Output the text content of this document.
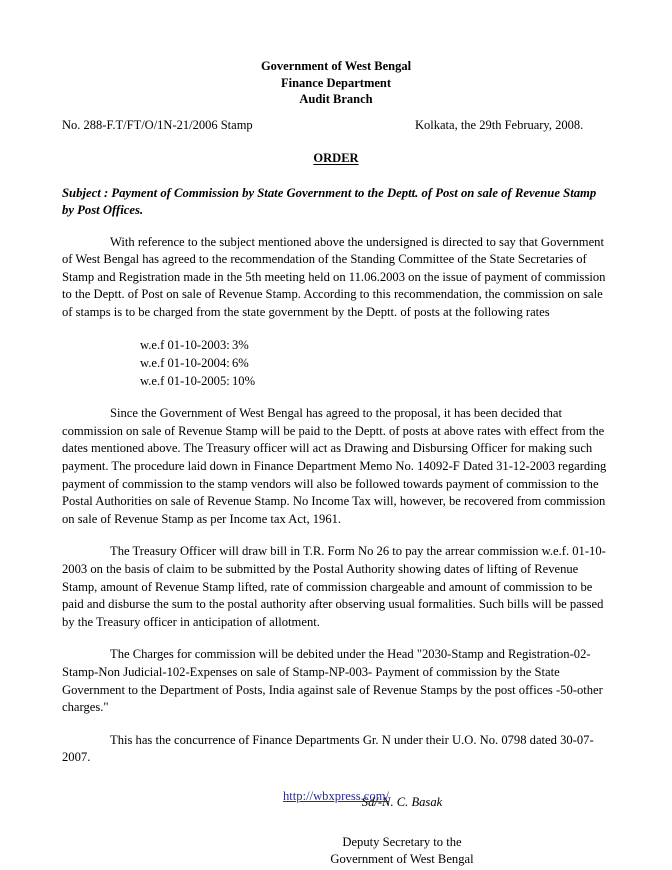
Government of West Bengal
Finance Department
Audit Branch
No. 288-F.T/FT/O/1N-21/2006 Stamp	Kolkata, the 29th February, 2008.
ORDER
Subject : Payment of Commission by State Government to the Deptt. of Post on sale of Revenue Stamp by Post Offices.
With reference to the subject mentioned above the undersigned is directed to say that Government of West Bengal has agreed to the recommendation of the Standing Committee of the State Secretaries of Stamp and Registration made in the 5th meeting held on 11.06.2003 on the issue of payment of commission to the Deptt. of Post on sale of Revenue Stamp. According to this recommendation, the commission on sale of stamps is to be charged from the state government by the Deptt. of posts at the following rates
w.e.f 01-10-2003:	3%
w.e.f 01-10-2004:	6%
w.e.f 01-10-2005:	10%
Since the Government of West Bengal has agreed to the proposal, it has been decided that commission on sale of Revenue Stamp will be paid to the Deptt. of posts at above rates with effect from the dates mentioned above. The Treasury officer will act as Drawing and Disbursing Officer for making such payment. The procedure laid down in Finance Department Memo No. 14092-F Dated 31-12-2003 regarding payment of commission to the stamp vendors will also be followed towards payment of commission to the Postal Authorities on sale of Revenue Stamp. No Income Tax will, however, be recovered from commission on sale of Revenue Stamp as per Income tax Act, 1961.
The Treasury Officer will draw bill in T.R. Form No 26 to pay the arrear commission w.e.f. 01-10-2003 on the basis of claim to be submitted by the Postal Authority showing dates of lifting of Revenue Stamp, amount of Revenue Stamp lifted, rate of commission chargeable and amount of commission to be paid and disburse the sum to the postal authority after observing usual formalities. Such bills will be passed by the Treasury officer in anticipation of allotment.
The Charges for commission will be debited under the Head "2030-Stamp and Registration-02-Stamp-Non Judicial-102-Expenses on sale of Stamp-NP-003- Payment of commission by the State Government to the Department of Posts, India against sale of Revenue Stamps by the post offices -50-other charges."
This has the concurrence of Finance Departments Gr. N under their U.O. No. 0798 dated 30-07-2007.
Sd/-N. C. Basak
Deputy Secretary to the
Government of West Bengal
http://wbxpress.com/
